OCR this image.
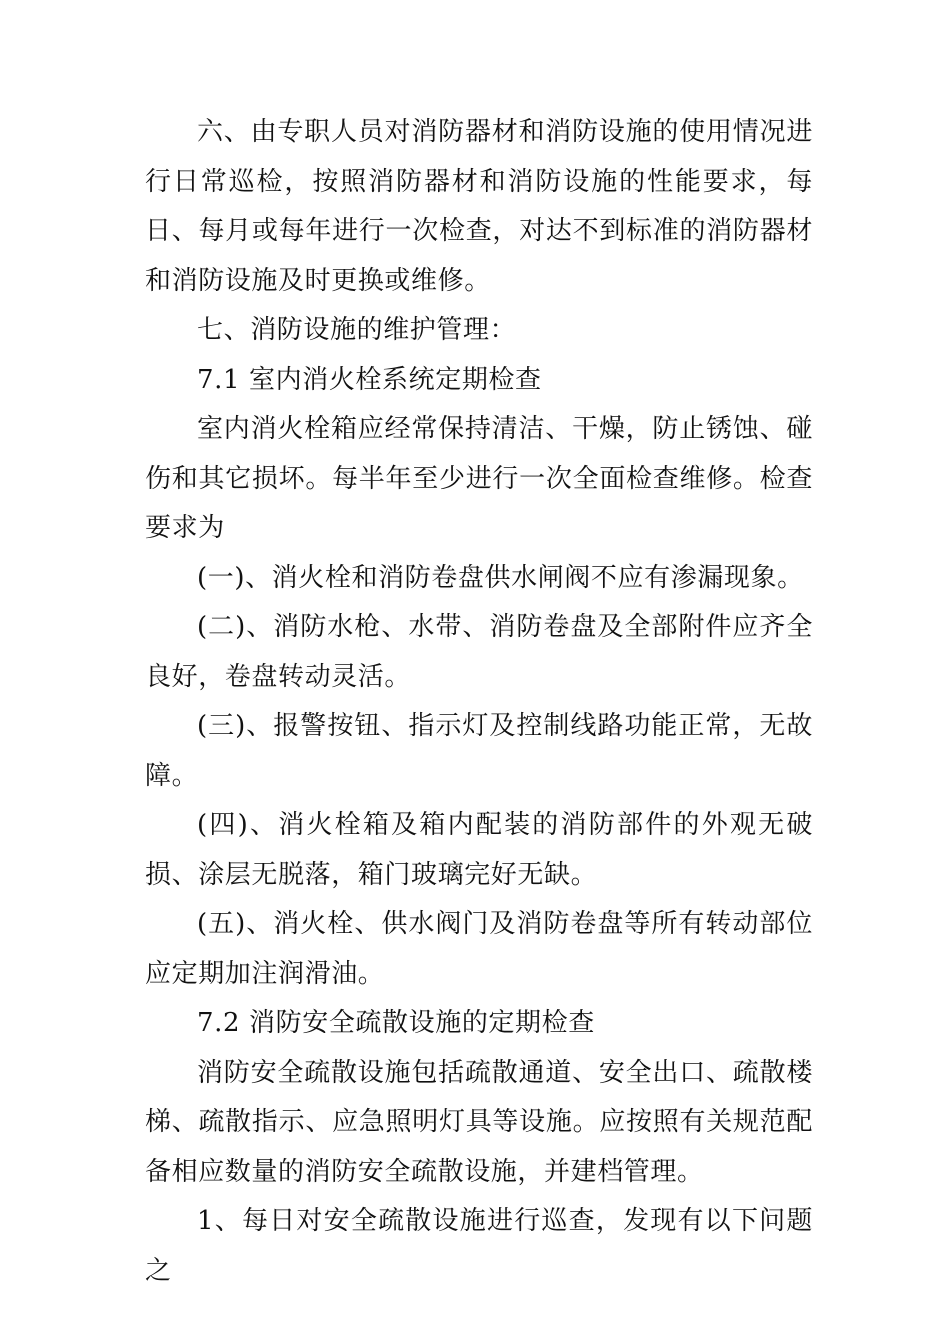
六、由专职人员对消防器材和消防设施的使用情况进行日常巡检，按照消防器材和消防设施的性能要求，每日、每月或每年进行一次检查，对达不到标准的消防器材和消防设施及时更换或维修。

七、消防设施的维护管理：

7.1 室内消火栓系统定期检查

室内消火栓箱应经常保持清洁、干燥，防止锈蚀、碰伤和其它损坏。每半年至少进行一次全面检查维修。检查要求为

(一)、消火栓和消防卷盘供水闸阀不应有渗漏现象。

(二)、消防水枪、水带、消防卷盘及全部附件应齐全良好，卷盘转动灵活。

(三)、报警按钮、指示灯及控制线路功能正常，无故障。

(四)、消火栓箱及箱内配装的消防部件的外观无破损、涂层无脱落，箱门玻璃完好无缺。

(五)、消火栓、供水阀门及消防卷盘等所有转动部位应定期加注润滑油。

7.2 消防安全疏散设施的定期检查

消防安全疏散设施包括疏散通道、安全出口、疏散楼梯、疏散指示、应急照明灯具等设施。应按照有关规范配备相应数量的消防安全疏散设施，并建档管理。

1、每日对安全疏散设施进行巡查，发现有以下问题之
